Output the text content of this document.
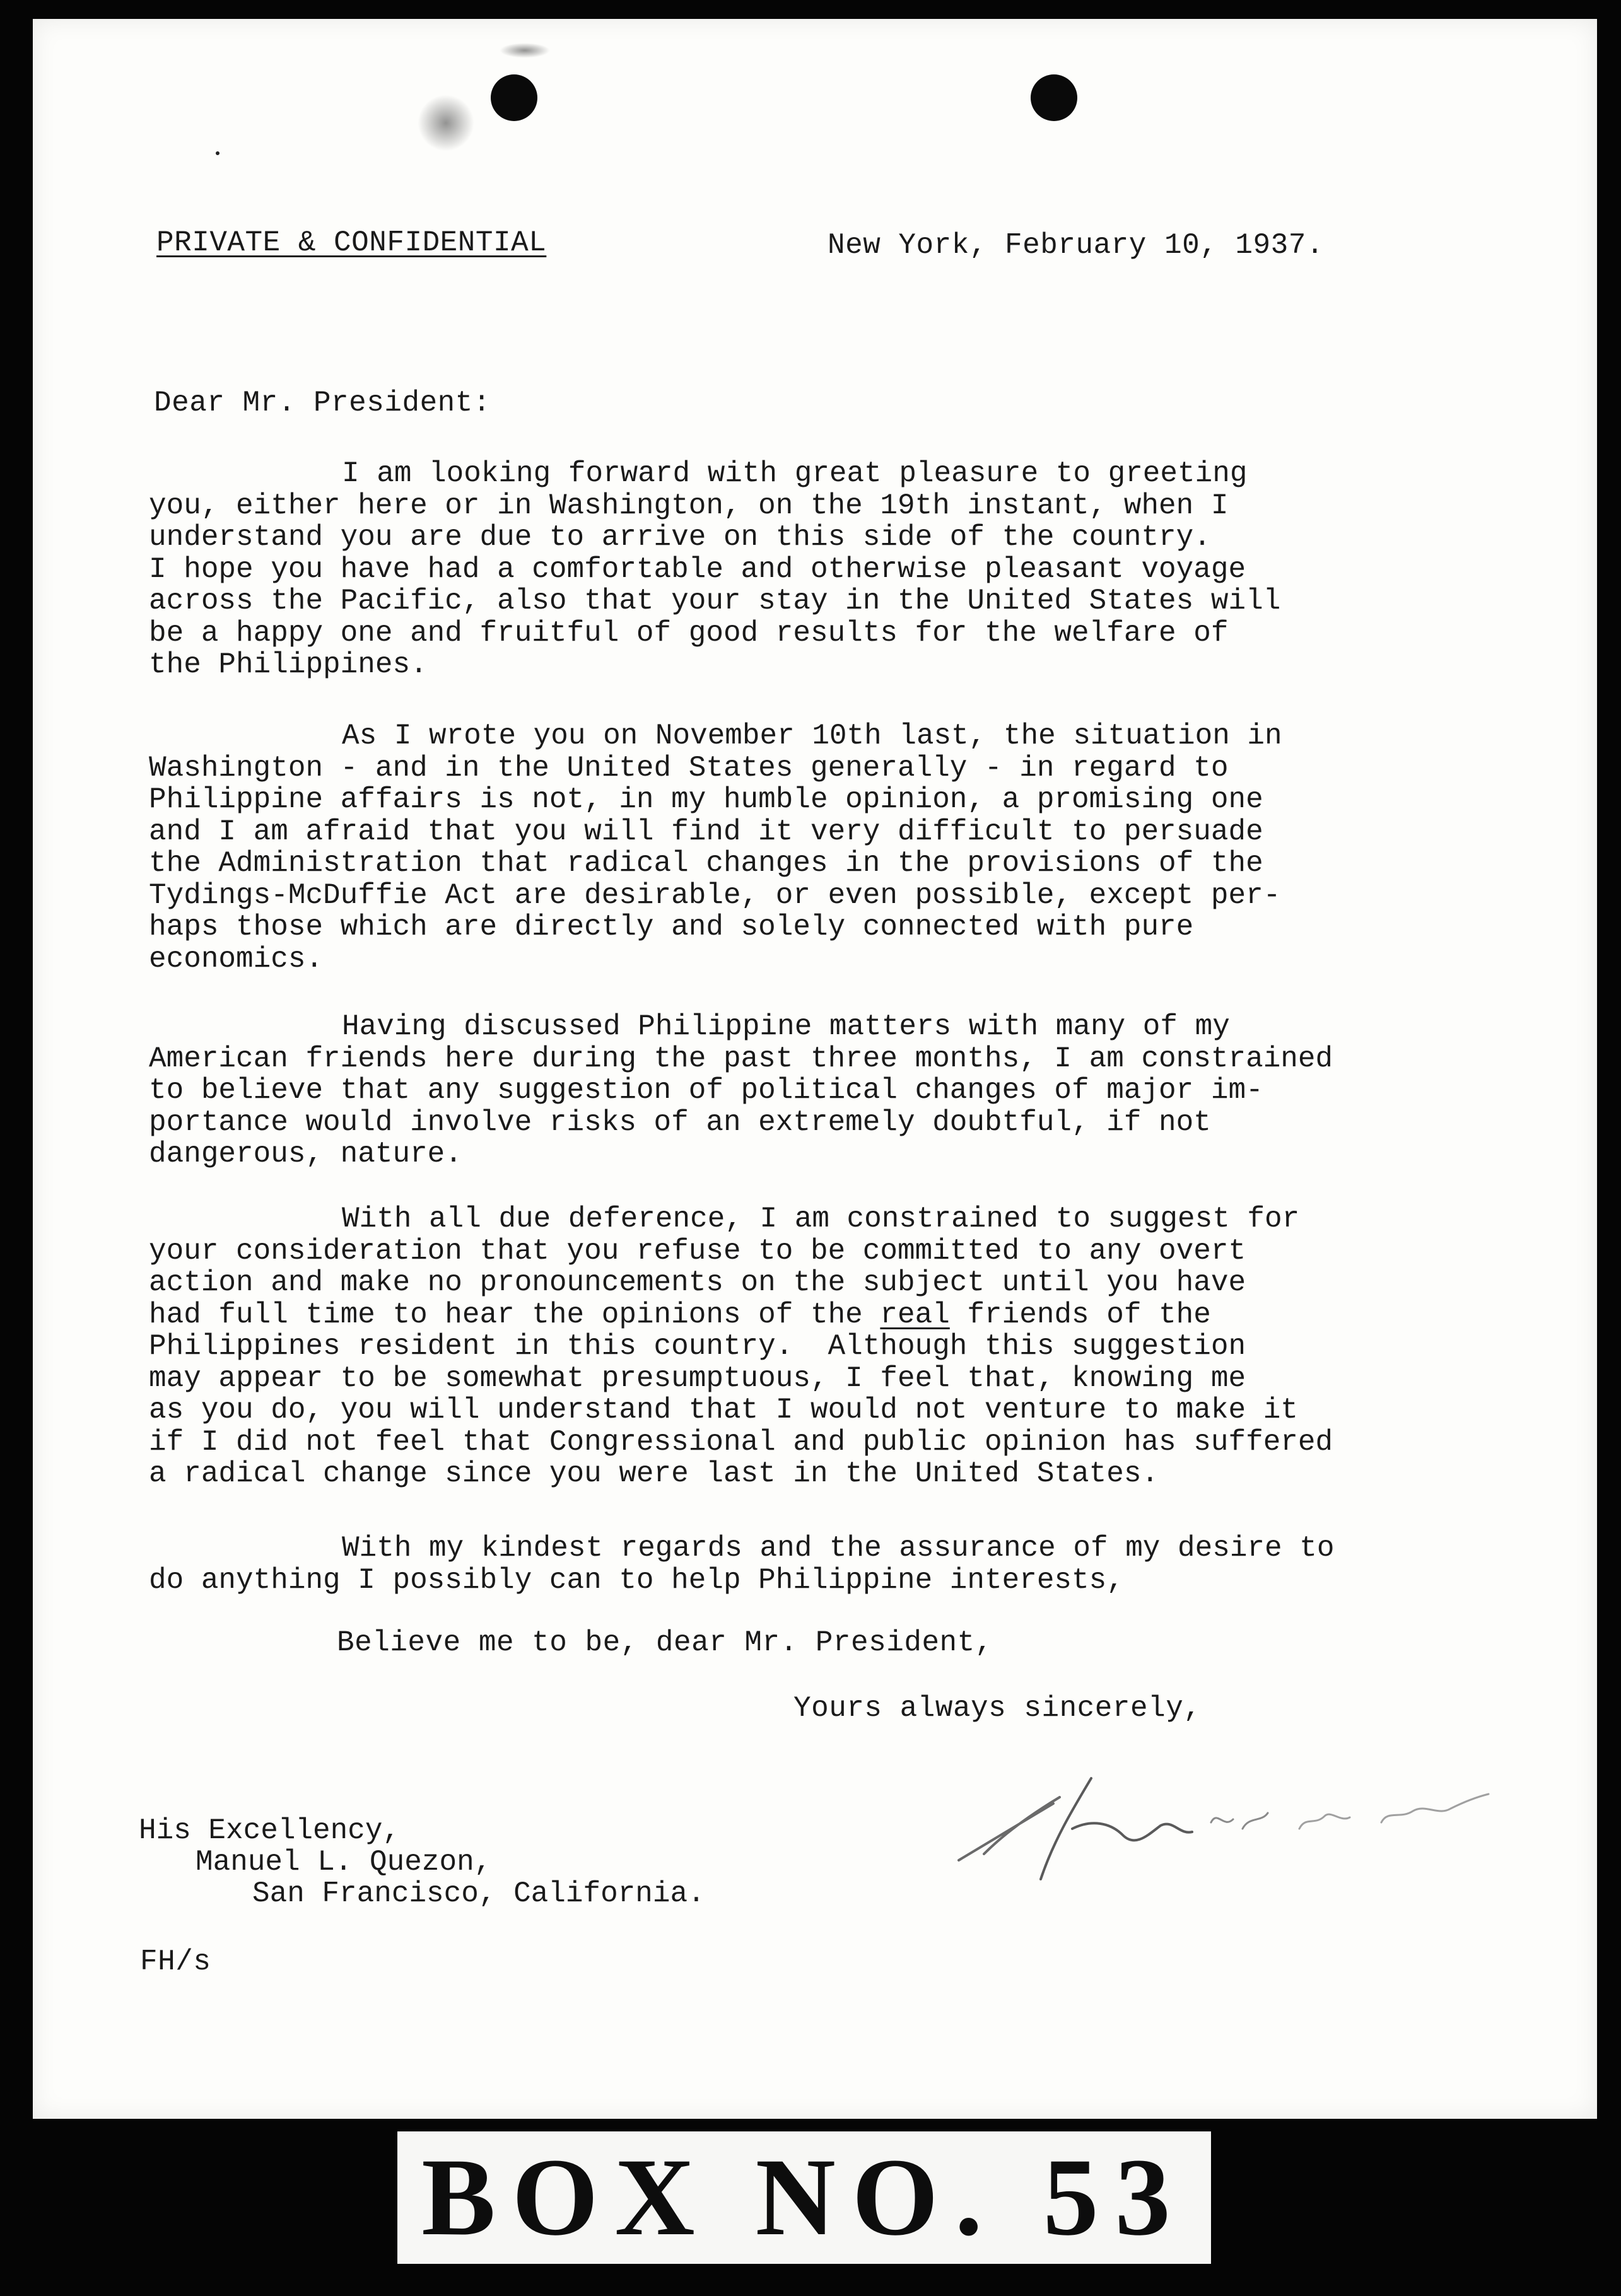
PRIVATE & CONFIDENTIAL	New York, February 10, 1937.
Dear Mr. President:
I am looking forward with great pleasure to greeting
you, either here or in Washington, on the 19th instant, when I
understand you are due to arrive on this side of the country.
I hope you have had a comfortable and otherwise pleasant voyage
across the Pacific, also that your stay in the United States will
be a happy one and fruitful of good results for the welfare of
the Philippines.
As I wrote you on November 10th last, the situation in
Washington - and in the United States generally - in regard to
Philippine affairs is not, in my humble opinion, a promising one
and I am afraid that you will find it very difficult to persuade
the Administration that radical changes in the provisions of the
Tydings-McDuffie Act are desirable, or even possible, except per-
haps those which are directly and solely connected with pure
economics.
Having discussed Philippine matters with many of my
American friends here during the past three months, I am constrained
to believe that any suggestion of political changes of major im-
portance would involve risks of an extremely doubtful, if not
dangerous, nature.
With all due deference, I am constrained to suggest for
your consideration that you refuse to be committed to any overt
action and make no pronouncements on the subject until you have
had full time to hear the opinions of the real friends of the
Philippines resident in this country.  Although this suggestion
may appear to be somewhat presumptuous, I feel that, knowing me
as you do, you will understand that I would not venture to make it
if I did not feel that Congressional and public opinion has suffered
a radical change since you were last in the United States.
With my kindest regards and the assurance of my desire to
do anything I possibly can to help Philippine interests,
Believe me to be, dear Mr. President,
Yours always sincerely,
His Excellency,
Manuel L. Quezon,
San Francisco, California.
FH/s
BOX NO. 53
